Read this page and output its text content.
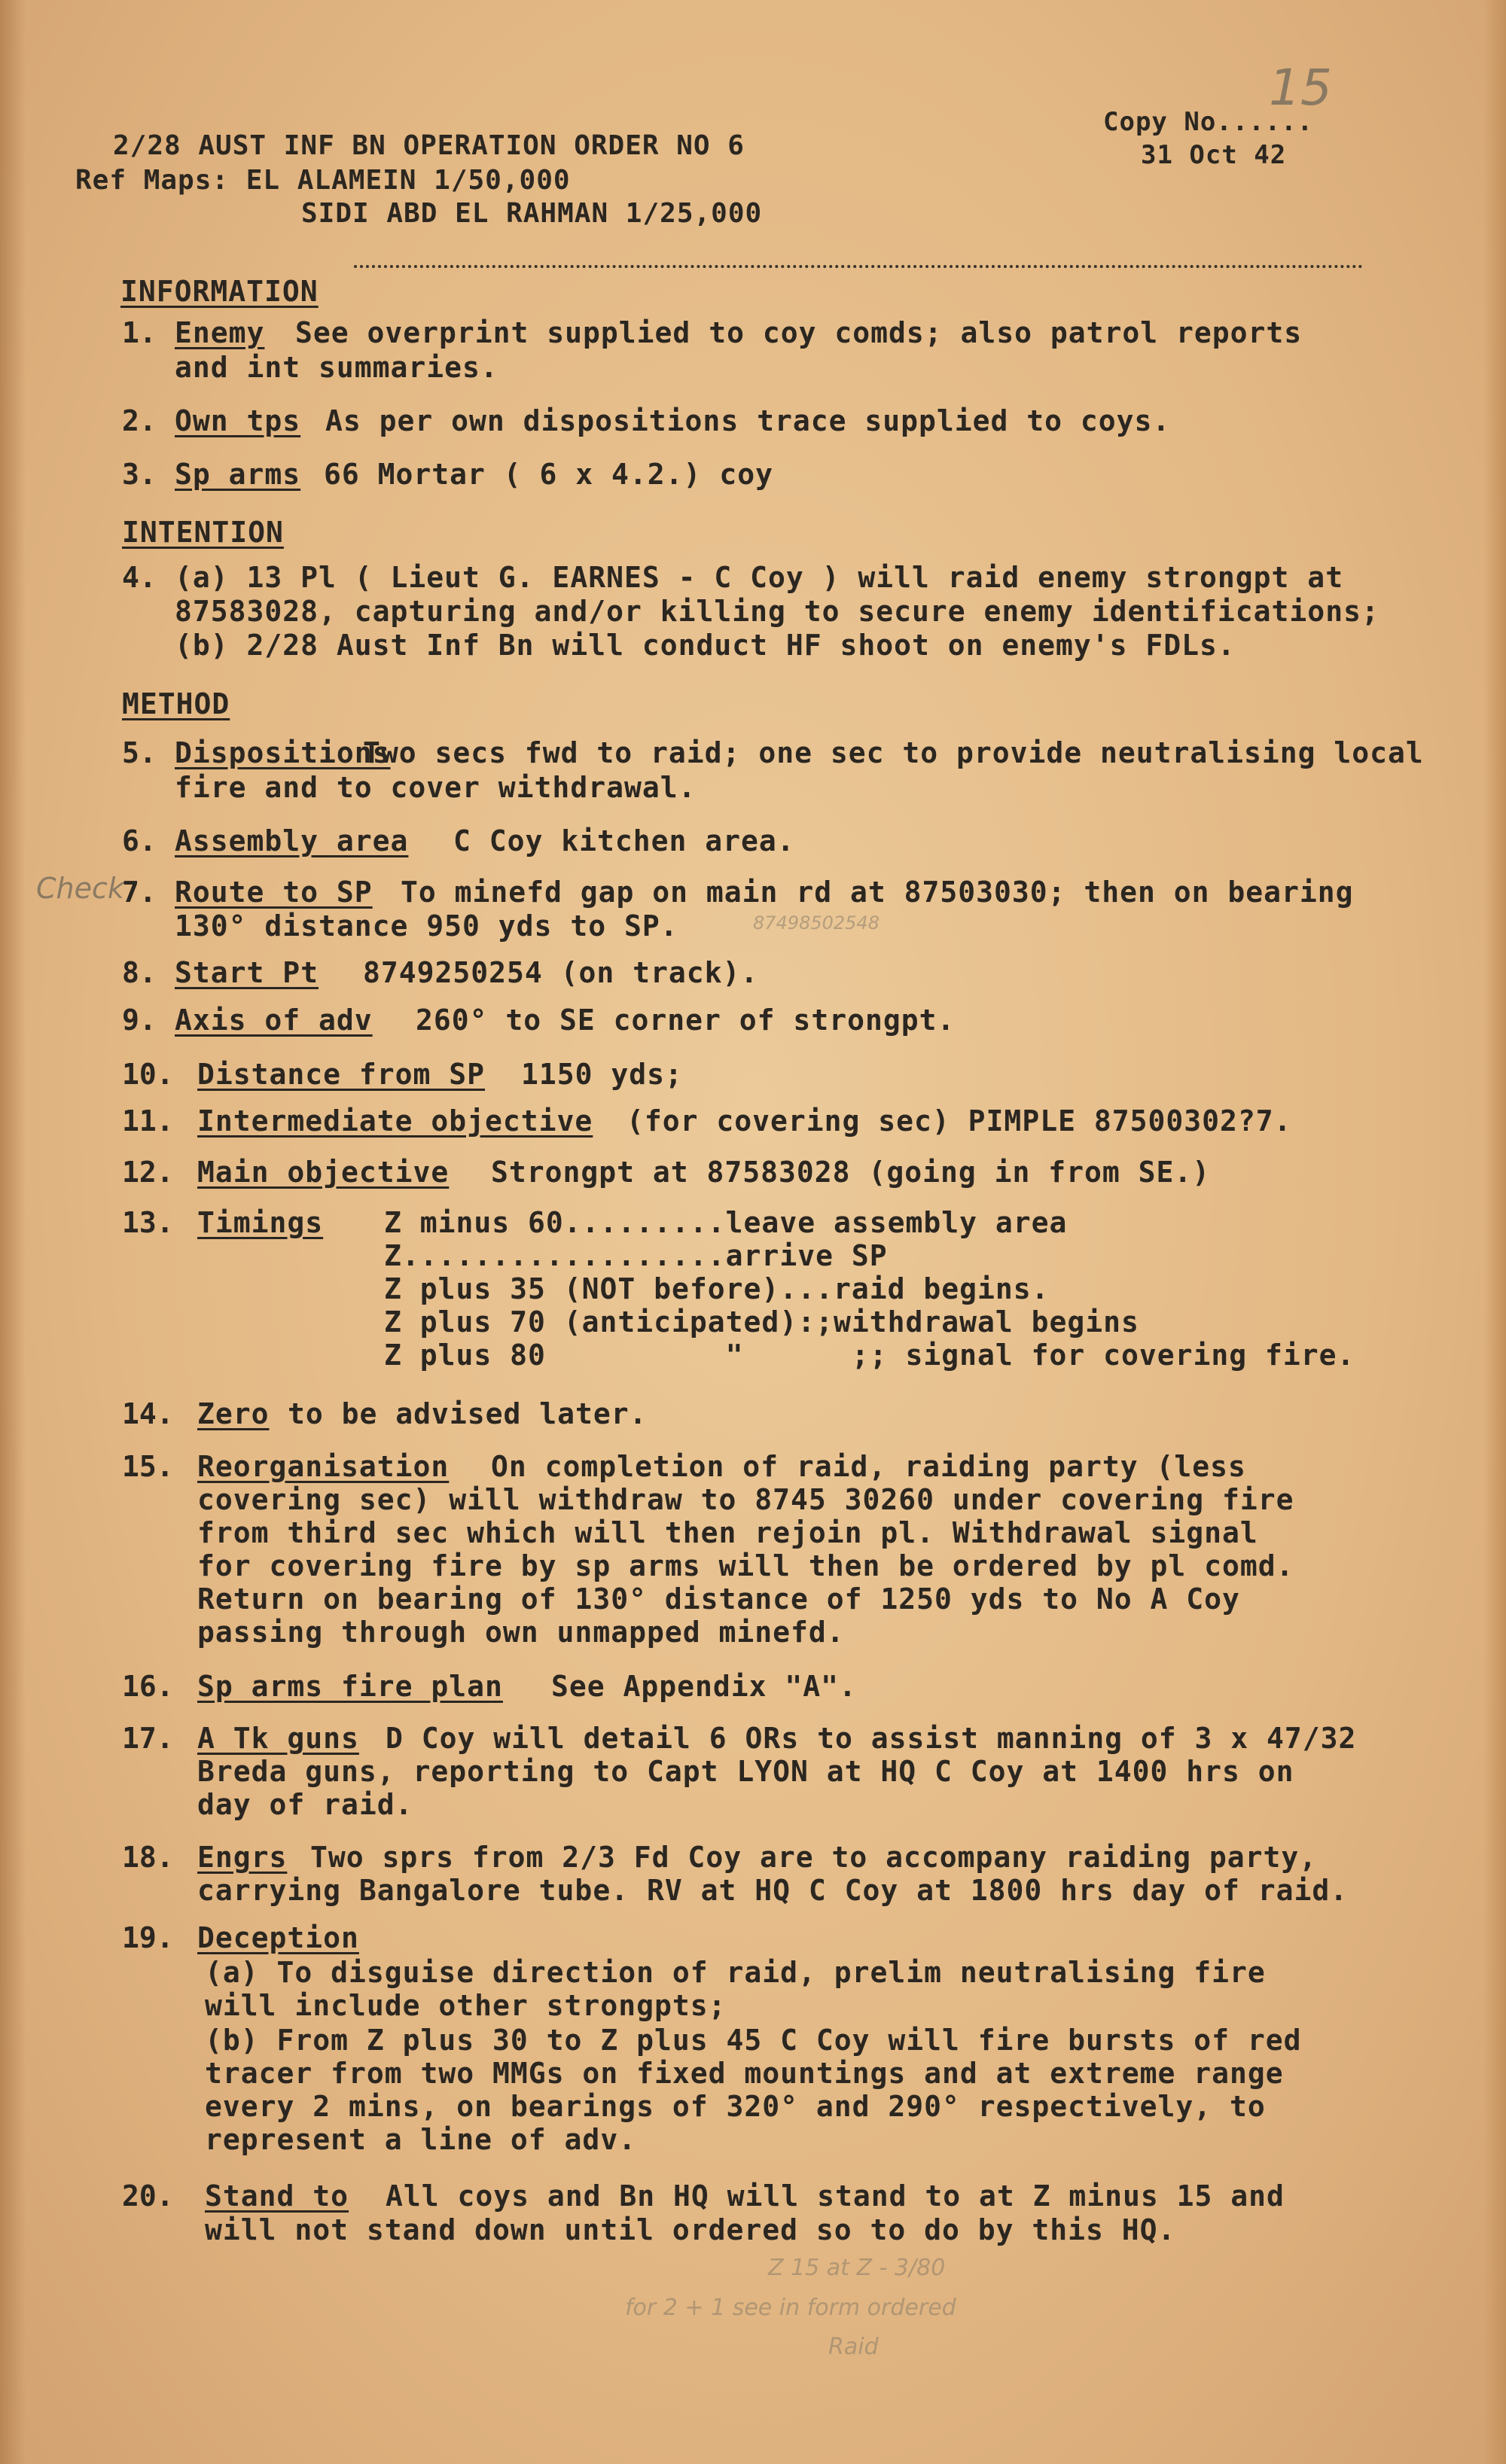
2/28 AUST INF BN OPERATION ORDER NO 6
Ref Maps: EL ALAMEIN 1/50,000
SIDI ABD EL RAHMAN 1/25,000
Copy No......
31 Oct 42
15
INFORMATION
1. Enemy See overprint supplied to coy comds; also patrol reports
and int summaries.
2. Own tps As per own dispositions trace supplied to coys.
3. Sp arms 66 Mortar ( 6 x 4.2.) coy
INTENTION
4. (a) 13 Pl ( Lieut G. EARNES - C Coy ) will raid enemy strongpt at
87583028, capturing and/or killing to secure enemy identifications;
(b) 2/28 Aust Inf Bn will conduct HF shoot on enemy's FDLs.
METHOD
5. Dispositions
Two secs fwd to raid; one sec to provide neutralising local
fire and to cover withdrawal.
6. Assembly area C Coy kitchen area.
Check
7. Route to SP To minefd gap on main rd at 87503030; then on bearing
130° distance 950 yds to SP.	87498502548
8. Start Pt 8749250254 (on track).
9. Axis of adv 260° to SE corner of strongpt.
10. Distance from SP 1150 yds;
11. Intermediate objective (for covering sec) PIMPLE 87500302?7.
12. Main objective Strongpt at 87583028 (going in from SE.)
13. Timings Z minus 60.........leave assembly area
Z..................arrive SP
Z plus 35 (NOT before)...raid begins.
Z plus 70 (anticipated):;withdrawal begins
Z plus 80          "      ;; signal for covering fire.
14. Zero to be advised later.
15. Reorganisation On completion of raid, raiding party (less
covering sec) will withdraw to 8745 30260 under covering fire
from third sec which will then rejoin pl. Withdrawal signal
for covering fire by sp arms will then be ordered by pl comd.
Return on bearing of 130° distance of 1250 yds to No A Coy
passing through own unmapped minefd.
16. Sp arms fire plan See Appendix "A".
17. A Tk guns D Coy will detail 6 ORs to assist manning of 3 x 47/32
Breda guns, reporting to Capt LYON at HQ C Coy at 1400 hrs on
day of raid.
18. Engrs Two sprs from 2/3 Fd Coy are to accompany raiding party,
carrying Bangalore tube. RV at HQ C Coy at 1800 hrs day of raid.
19. Deception
(a) To disguise direction of raid, prelim neutralising fire
will include other strongpts;
(b) From Z plus 30 to Z plus 45 C Coy will fire bursts of red
tracer from two MMGs on fixed mountings and at extreme range
every 2 mins, on bearings of 320° and 290° respectively, to
represent a line of adv.
20. Stand to All coys and Bn HQ will stand to at Z minus 15 and
will not stand down until ordered so to do by this HQ.
Z 15 at Z - 3/80
for 2 + 1 see in form ordered
Raid
